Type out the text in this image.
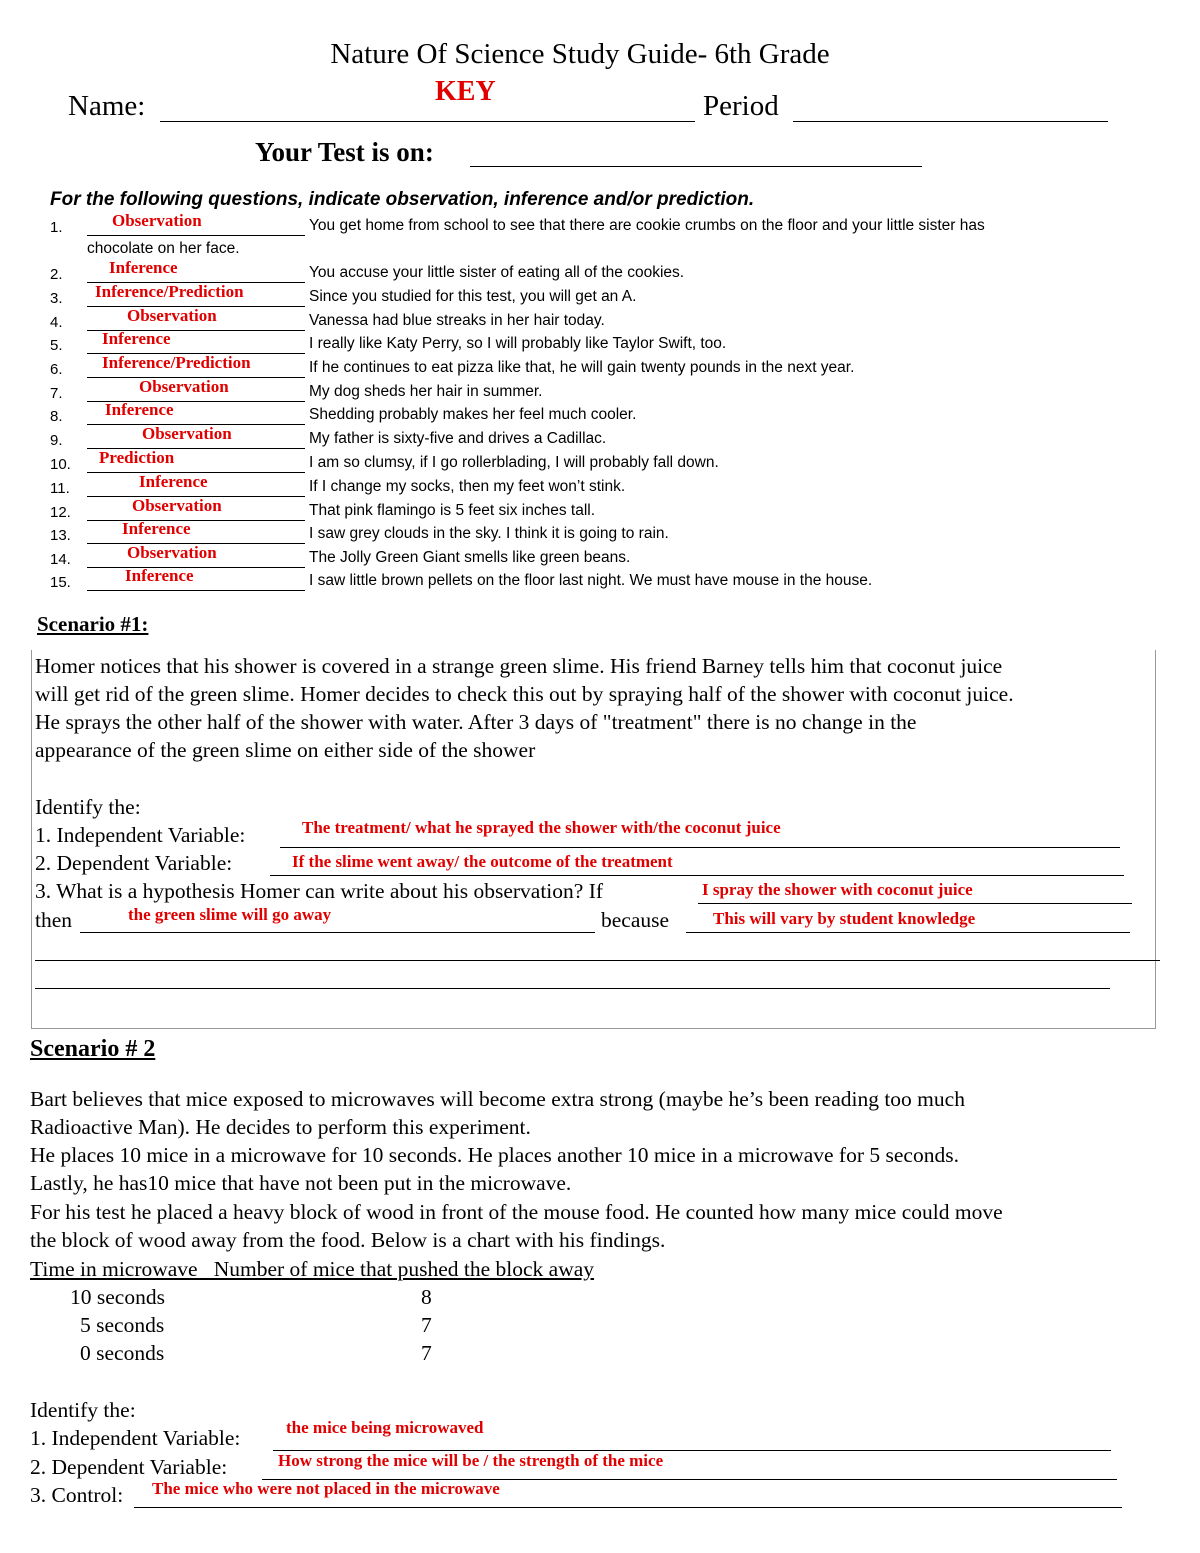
Nature Of Science Study Guide- 6th Grade
Name:	KEY	Period
Your Test is on:
For the following questions, indicate observation, inference and/or prediction.
1.	Observation	You get home from school to see that there are cookie crumbs on the floor and your little sister has
2.	Inference	You accuse your little sister of eating all of the cookies.
3.	Inference/Prediction	Since you studied for this test, you will get an A.
4.	Observation	Vanessa had blue streaks in her hair today.
5.	Inference	I really like Katy Perry, so I will probably like Taylor Swift, too.
6.	Inference/Prediction	If he continues to eat pizza like that, he will gain twenty pounds in the next year.
7.	Observation	My dog sheds her hair in summer.
8.	Inference	Shedding probably makes her feel much cooler.
9.	Observation	My father is sixty-five and drives a Cadillac.
10.	Prediction	I am so clumsy, if I go rollerblading, I will probably fall down.
11.	Inference	If I change my socks, then my feet won’t stink.
12.	Observation	That pink flamingo is 5 feet six inches tall.
13.	Inference	I saw grey clouds in the sky. I think it is going to rain.
14.	Observation	The Jolly Green Giant smells like green beans.
15.	Inference	I saw little brown pellets on the floor last night. We must have mouse in the house.
chocolate on her face.
Scenario #1:
Homer notices that his shower is covered in a strange green slime. His friend Barney tells him that coconut juice
will get rid of the green slime. Homer decides to check this out by spraying half of the shower with coconut juice.
He sprays the other half of the shower with water. After 3 days of "treatment" there is no change in the
appearance of the green slime on either side of the shower
Identify the:
1. Independent Variable:	The treatment/ what he sprayed the shower with/the coconut juice
2. Dependent Variable:	If the slime went away/ the outcome of the treatment
3. What is a hypothesis Homer can write about his observation? If	I spray the shower with coconut juice
then	the green slime will go away	because	This will vary by student knowledge
Scenario # 2
Bart believes that mice exposed to microwaves will become extra strong (maybe he’s been reading too much
Radioactive Man). He decides to perform this experiment.
He places 10 mice in a microwave for 10 seconds. He places another 10 mice in a microwave for 5 seconds.
Lastly, he has10 mice that have not been put in the microwave.
For his test he placed a heavy block of wood in front of the mouse food. He counted how many mice could move
the block of wood away from the food. Below is a chart with his findings.
Time in microwave   Number of mice that pushed the block away
10 seconds	8
5 seconds	7
0 seconds	7
Identify the:
1. Independent Variable:	the mice being microwaved
2. Dependent Variable:	How strong the mice will be / the strength of the mice
3. Control: The mice who were not placed in the microwave
